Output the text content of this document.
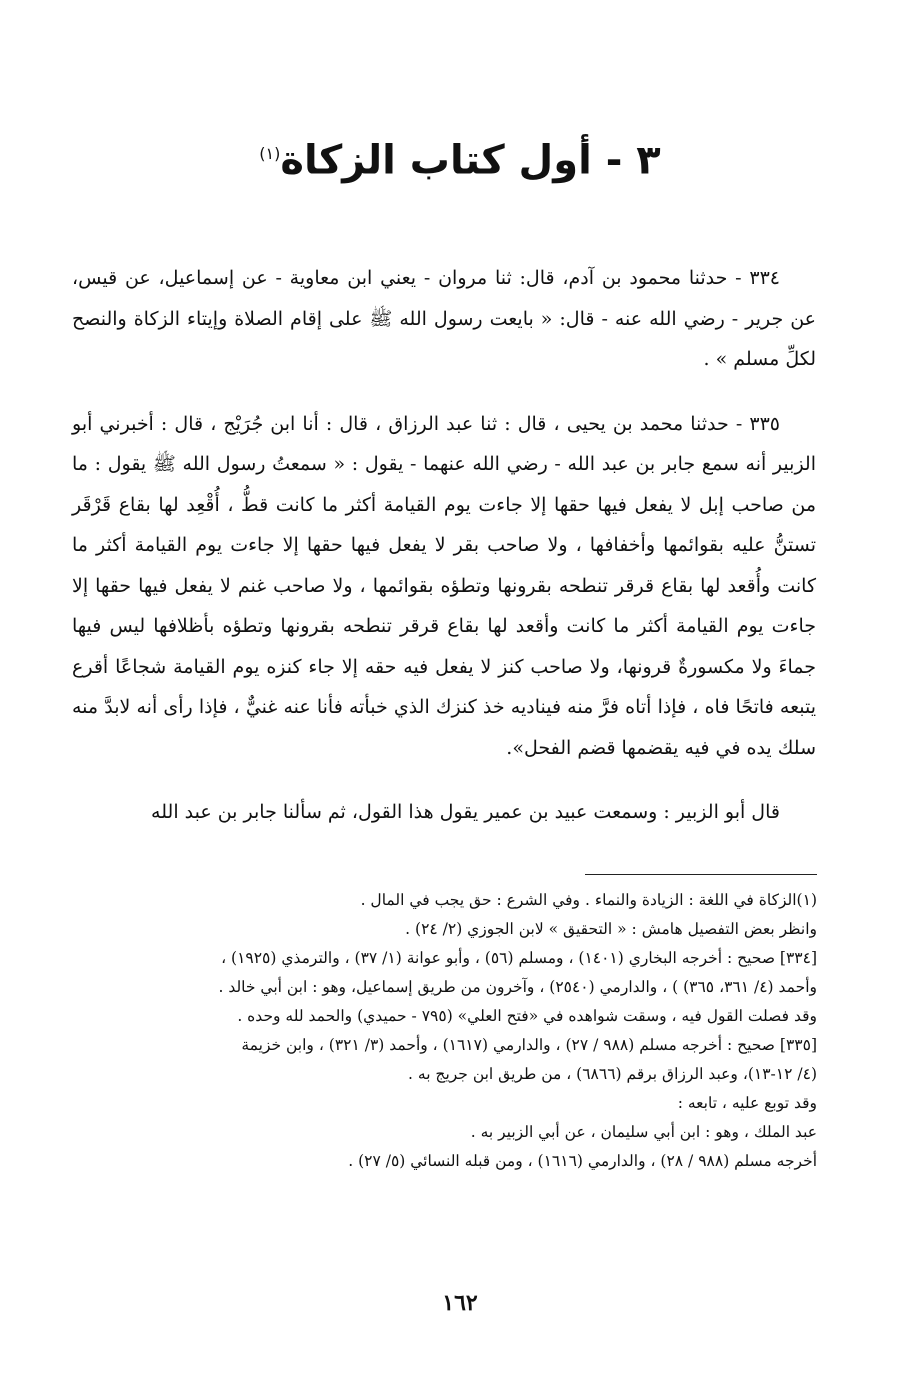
٣ - أول كتاب الزكاة$^{(١)}$

٣٣٤ - حدثنا محمود بن آدم، قال: ثنا مروان - يعني ابن معاوية - عن إسماعيل، عن قيس، عن جرير - رضي الله عنه - قال: « بايعت رسول الله ﷺ على إقام الصلاة وإيتاء الزكاة والنصح لكلِّ مسلم » .

٣٣٥ - حدثنا محمد بن يحيى ، قال : ثنا عبد الرزاق ، قال : أنا ابن جُرَيْج ، قال : أخبرني أبو الزبير أنه سمع جابر بن عبد الله - رضي الله عنهما - يقول : « سمعتُ رسول الله ﷺ يقول : ما من صاحب إبل لا يفعل فيها حقها إلا جاءت يوم القيامة أكثر ما كانت قطُّ ، أُقْعِد لها بقاع قَرْقَر تستنُّ عليه بقوائمها وأخفافها ، ولا صاحب بقر لا يفعل فيها حقها إلا جاءت يوم القيامة أكثر ما كانت وأُقعد لها بقاع قرقر تنطحه بقرونها وتطؤه بقوائمها ، ولا صاحب غنم لا يفعل فيها حقها إلا جاءت يوم القيامة أكثر ما كانت وأقعد لها بقاع قرقر تنطحه بقرونها وتطؤه بأظلافها ليس فيها جماءَ ولا مكسورةٌ قرونها، ولا صاحب كنز لا يفعل فيه حقه إلا جاء كنزه يوم القيامة شجاعًا أقرع يتبعه فاتحًا فاه ، فإذا أتاه فرَّ منه فيناديه خذ كنزك الذي خبأته فأنا عنه غنيٌّ ، فإذا رأى أنه لابدَّ منه سلك يده في فيه يقضمها قضم الفحل».

قال أبو الزبير : وسمعت عبيد بن عمير يقول هذا القول، ثم سألنا جابر بن عبد الله

(١)الزكاة في اللغة : الزيادة والنماء . وفي الشرع : حق يجب في المال .

وانظر بعض التفصيل هامش : « التحقيق » لابن الجوزي (٢/ ٢٤) .

[٣٣٤] صحيح : أخرجه البخاري (١٤٠١) ، ومسلم (٥٦) ، وأبو عوانة (١/ ٣٧) ، والترمذي (١٩٢٥) ،

وأحمد (٤/ ٣٦١، ٣٦٥) ) ، والدارمي (٢٥٤٠) ، وآخرون من طريق إسماعيل، وهو : ابن أبي خالد .

وقد فصلت القول فيه ، وسقت شواهده في «فتح العلي» (٧٩٥ - حميدي) والحمد لله وحده .

[٣٣٥] صحيح : أخرجه مسلم (٩٨٨ / ٢٧) ، والدارمي (١٦١٧) ، وأحمد (٣/ ٣٢١) ، وابن خزيمة

(٤/ ١٢-١٣)، وعبد الرزاق برقم (٦٨٦٦) ، من طريق ابن جريج به .

وقد توبع عليه ، تابعه :

عبد الملك ، وهو : ابن أبي سليمان ، عن أبي الزبير به .

أخرجه مسلم (٩٨٨ / ٢٨) ، والدارمي (١٦١٦) ، ومن قبله النسائي (٥/ ٢٧) .

١٦٢
